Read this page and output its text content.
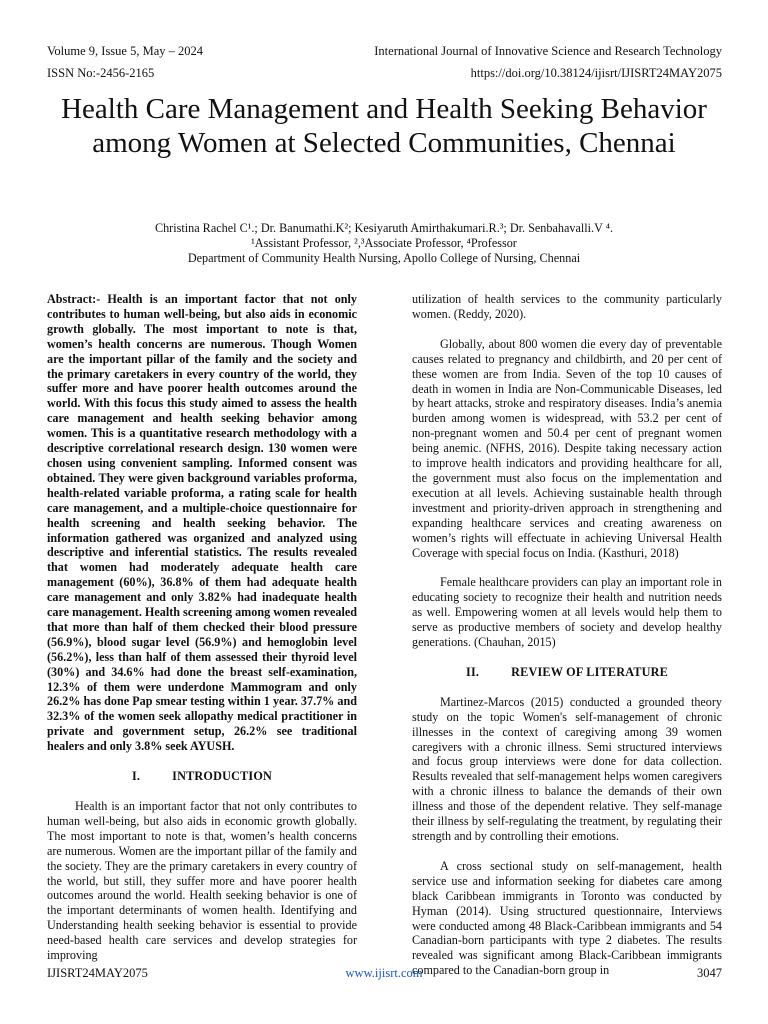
Volume 9, Issue 5, May – 2024
ISSN No:-2456-2165
International Journal of Innovative Science and Research Technology
https://doi.org/10.38124/ijisrt/IJISRT24MAY2075
Health Care Management and Health Seeking Behavior among Women at Selected Communities, Chennai
Christina Rachel C¹.; Dr. Banumathi.K²; Kesiyaruth Amirthakumari.R.³; Dr. Senbahavalli.V ⁴.
¹Assistant Professor, ²,³Associate Professor, ⁴Professor
Department of Community Health Nursing, Apollo College of Nursing, Chennai

Abstract:- Health is an important factor that not only contributes to human well-being, but also aids in economic growth globally. The most important to note is that, women’s health concerns are numerous. Though Women are the important pillar of the family and the society and the primary caretakers in every country of the world, they suffer more and have poorer health outcomes around the world. With this focus this study aimed to assess the health care management and health seeking behavior among women. This is a quantitative research methodology with a descriptive correlational research design. 130 women were chosen using convenient sampling. Informed consent was obtained. They were given background variables proforma, health-related variable proforma, a rating scale for health care management, and a multiple-choice questionnaire for health screening and health seeking behavior. The information gathered was organized and analyzed using descriptive and inferential statistics. The results revealed that women had moderately adequate health care management (60%), 36.8% of them had adequate health care management and only 3.82% had inadequate health care management. Health screening among women revealed that more than half of them checked their blood pressure (56.9%), blood sugar level (56.9%) and hemoglobin level (56.2%), less than half of them assessed their thyroid level (30%) and 34.6% had done the breast self-examination, 12.3% of them were underdone Mammogram and only 26.2% has done Pap smear testing within 1 year. 37.7% and 32.3% of the women seek allopathy medical practitioner in private and government setup, 26.2% see traditional healers and only 3.8% seek AYUSH.

I.	INTRODUCTION

Health is an important factor that not only contributes to human well-being, but also aids in economic growth globally. The most important to note is that, women’s health concerns are numerous. Women are the important pillar of the family and the society. They are the primary caretakers in every country of the world, but still, they suffer more and have poorer health outcomes around the world. Health seeking behavior is one of the important determinants of women health. Identifying and Understanding health seeking behavior is essential to provide need-based health care services and develop strategies for improving

utilization of health services to the community particularly women. (Reddy, 2020).

Globally, about 800 women die every day of preventable causes related to pregnancy and childbirth, and 20 per cent of these women are from India. Seven of the top 10 causes of death in women in India are Non-Communicable Diseases, led by heart attacks, stroke and respiratory diseases. India’s anemia burden among women is widespread, with 53.2 per cent of non-pregnant women and 50.4 per cent of pregnant women being anemic. (NFHS, 2016). Despite taking necessary action to improve health indicators and providing healthcare for all, the government must also focus on the implementation and execution at all levels. Achieving sustainable health through investment and priority-driven approach in strengthening and expanding healthcare services and creating awareness on women’s rights will effectuate in achieving Universal Health Coverage with special focus on India. (Kasthuri, 2018)

Female healthcare providers can play an important role in educating society to recognize their health and nutrition needs as well. Empowering women at all levels would help them to serve as productive members of society and develop healthy generations. (Chauhan, 2015)

II.	REVIEW OF LITERATURE

Martinez-Marcos (2015) conducted a grounded theory study on the topic Women's self-management of chronic illnesses in the context of caregiving among 39 women caregivers with a chronic illness. Semi structured interviews and focus group interviews were done for data collection. Results revealed that self-management helps women caregivers with a chronic illness to balance the demands of their own illness and those of the dependent relative. They self-manage their illness by self-regulating the treatment, by regulating their strength and by controlling their emotions.

A cross sectional study on self-management, health service use and information seeking for diabetes care among black Caribbean immigrants in Toronto was conducted by Hyman (2014). Using structured questionnaire, Interviews were conducted among 48 Black-Caribbean immigrants and 54 Canadian-born participants with type 2 diabetes. The results revealed was significant among Black-Caribbean immigrants compared to the Canadian-born group in

IJISRT24MAY2075	www.ijisrt.com	3047
